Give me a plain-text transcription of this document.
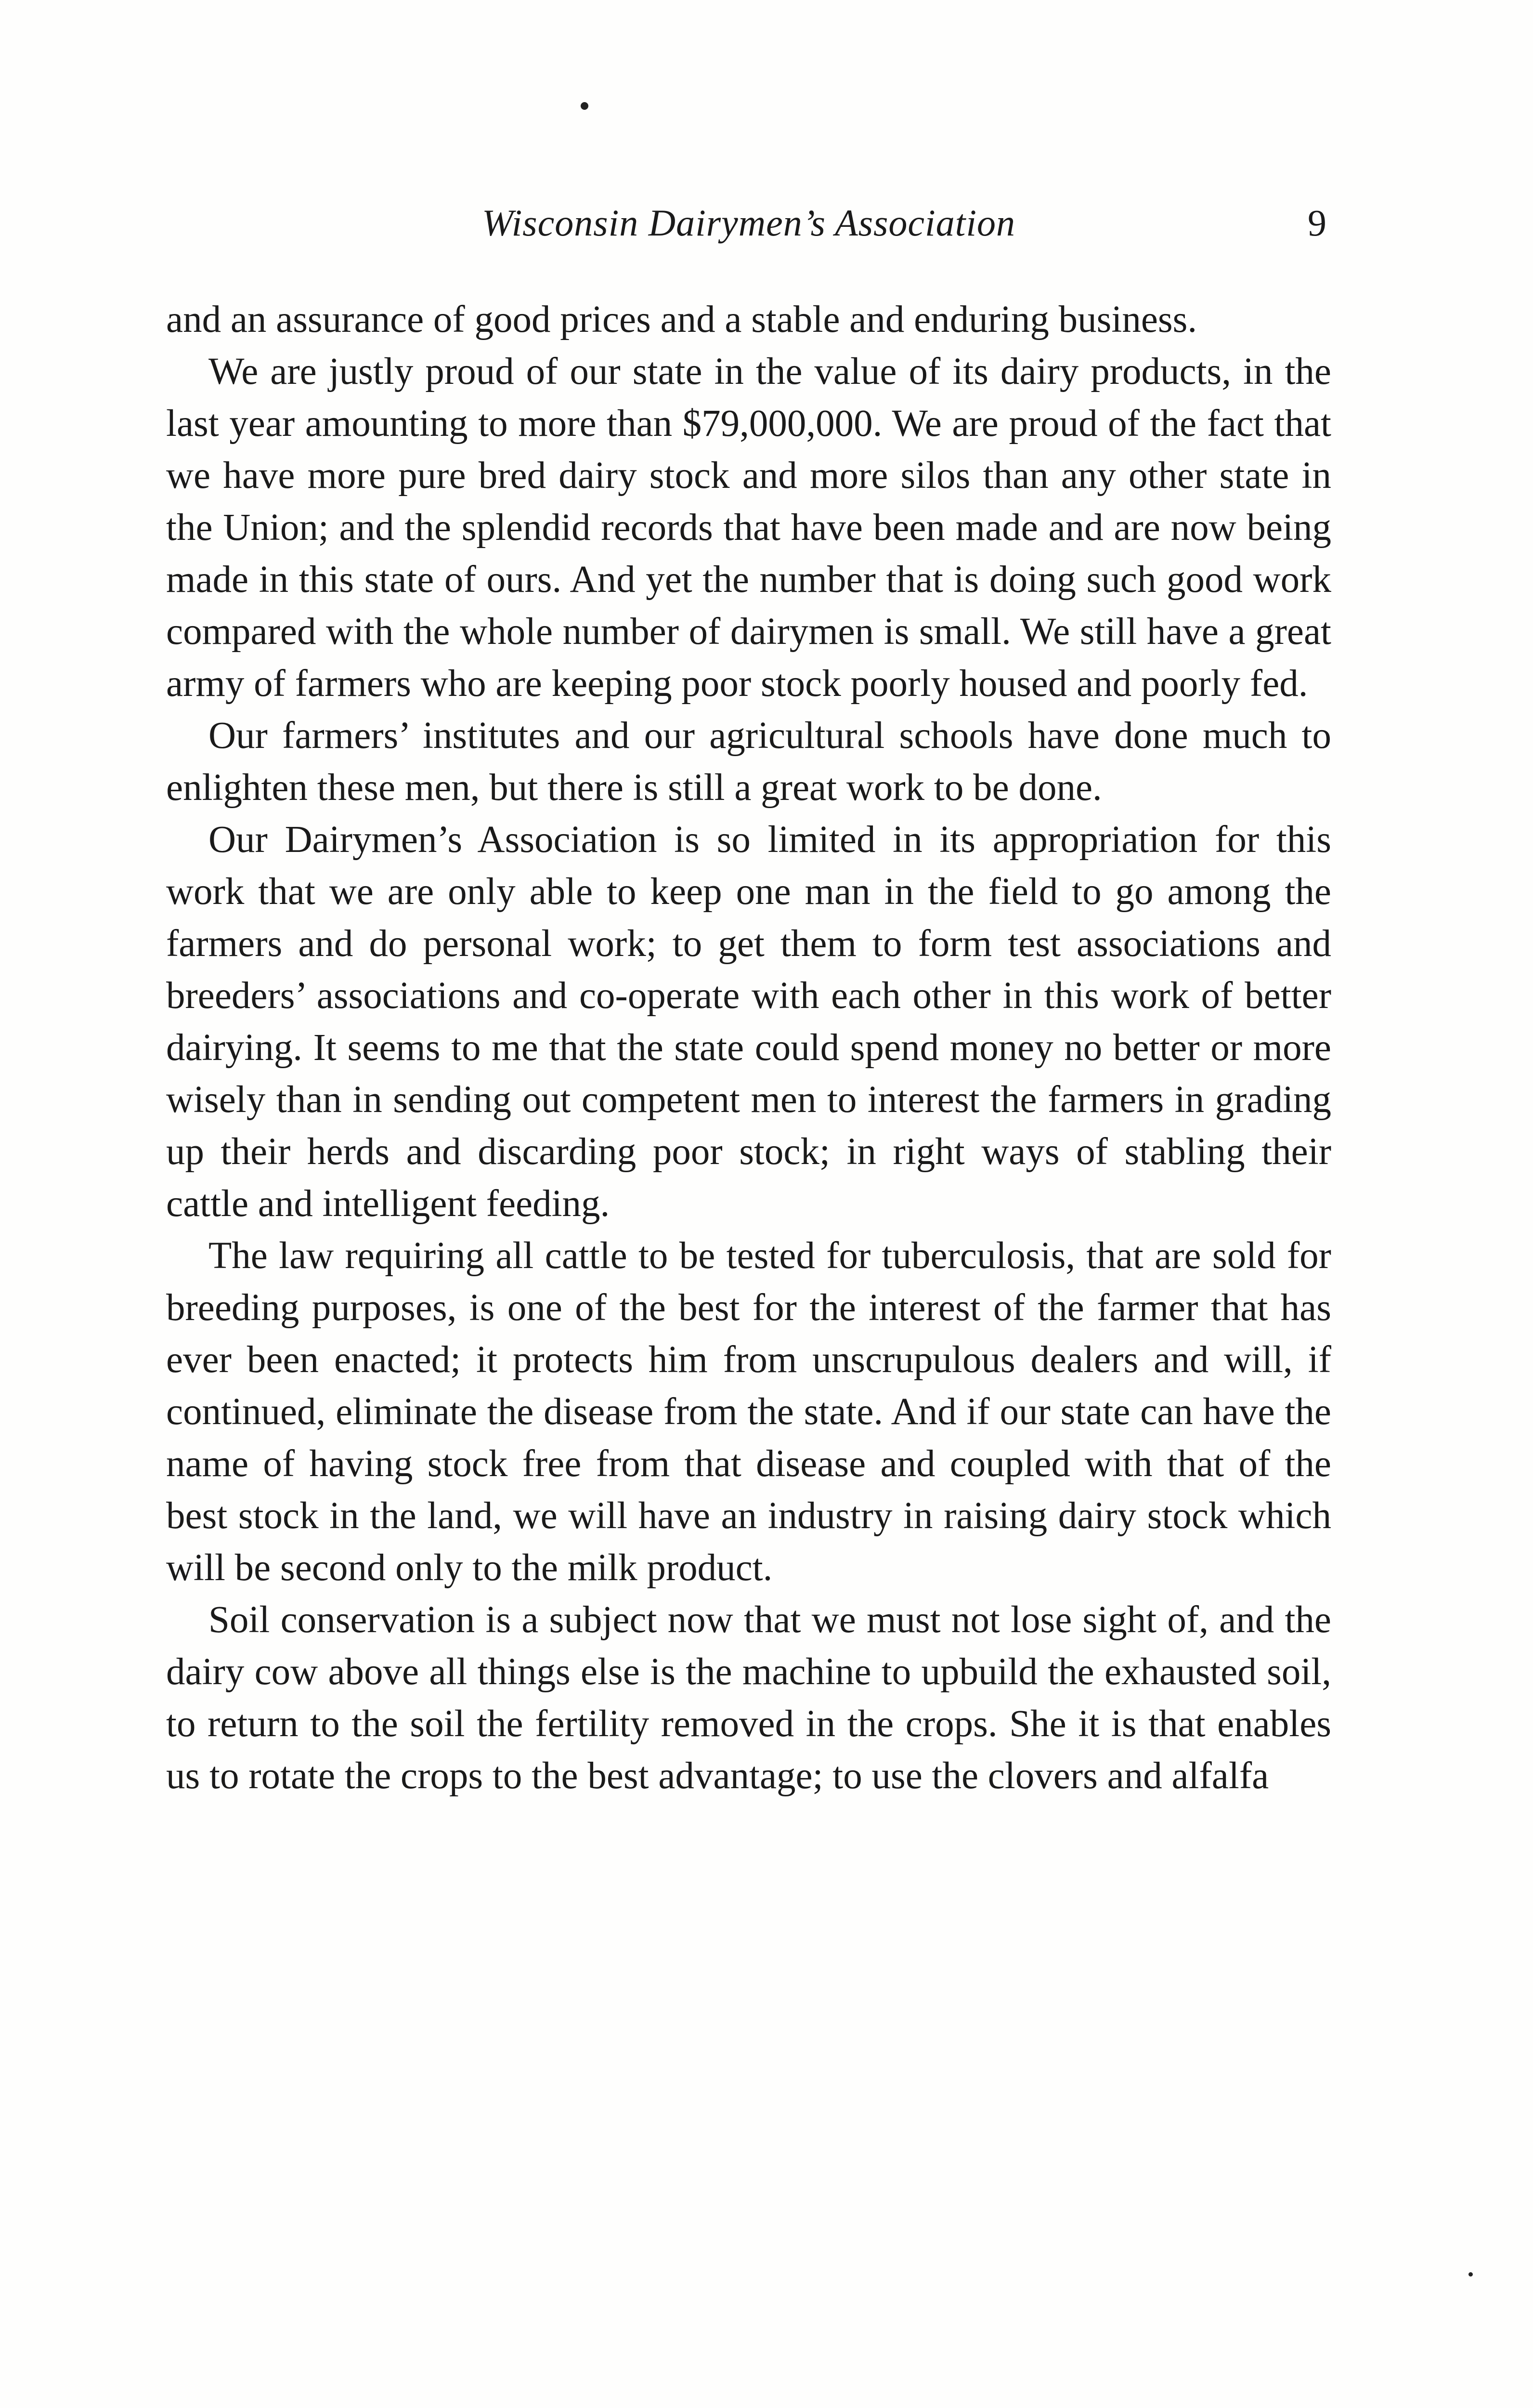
Wisconsin Dairymen’s Association	9

and an assurance of good prices and a stable and enduring business.

We are justly proud of our state in the value of its dairy products, in the last year amounting to more than $79,000,000. We are proud of the fact that we have more pure bred dairy stock and more silos than any other state in the Union; and the splendid records that have been made and are now being made in this state of ours. And yet the number that is doing such good work compared with the whole number of dairymen is small. We still have a great army of farmers who are keeping poor stock poorly housed and poorly fed.

Our farmers’ institutes and our agricultural schools have done much to enlighten these men, but there is still a great work to be done.

Our Dairymen’s Association is so limited in its appropriation for this work that we are only able to keep one man in the field to go among the farmers and do personal work; to get them to form test associations and breeders’ associations and co-operate with each other in this work of better dairying. It seems to me that the state could spend money no better or more wisely than in sending out competent men to interest the farmers in grading up their herds and discarding poor stock; in right ways of stabling their cattle and intelligent feeding.

The law requiring all cattle to be tested for tuberculosis, that are sold for breeding purposes, is one of the best for the interest of the farmer that has ever been enacted; it protects him from unscrupulous dealers and will, if continued, eliminate the disease from the state. And if our state can have the name of having stock free from that disease and coupled with that of the best stock in the land, we will have an industry in raising dairy stock which will be second only to the milk product.

Soil conservation is a subject now that we must not lose sight of, and the dairy cow above all things else is the machine to upbuild the exhausted soil, to return to the soil the fertility removed in the crops. She it is that enables us to rotate the crops to the best advantage; to use the clovers and alfalfa
